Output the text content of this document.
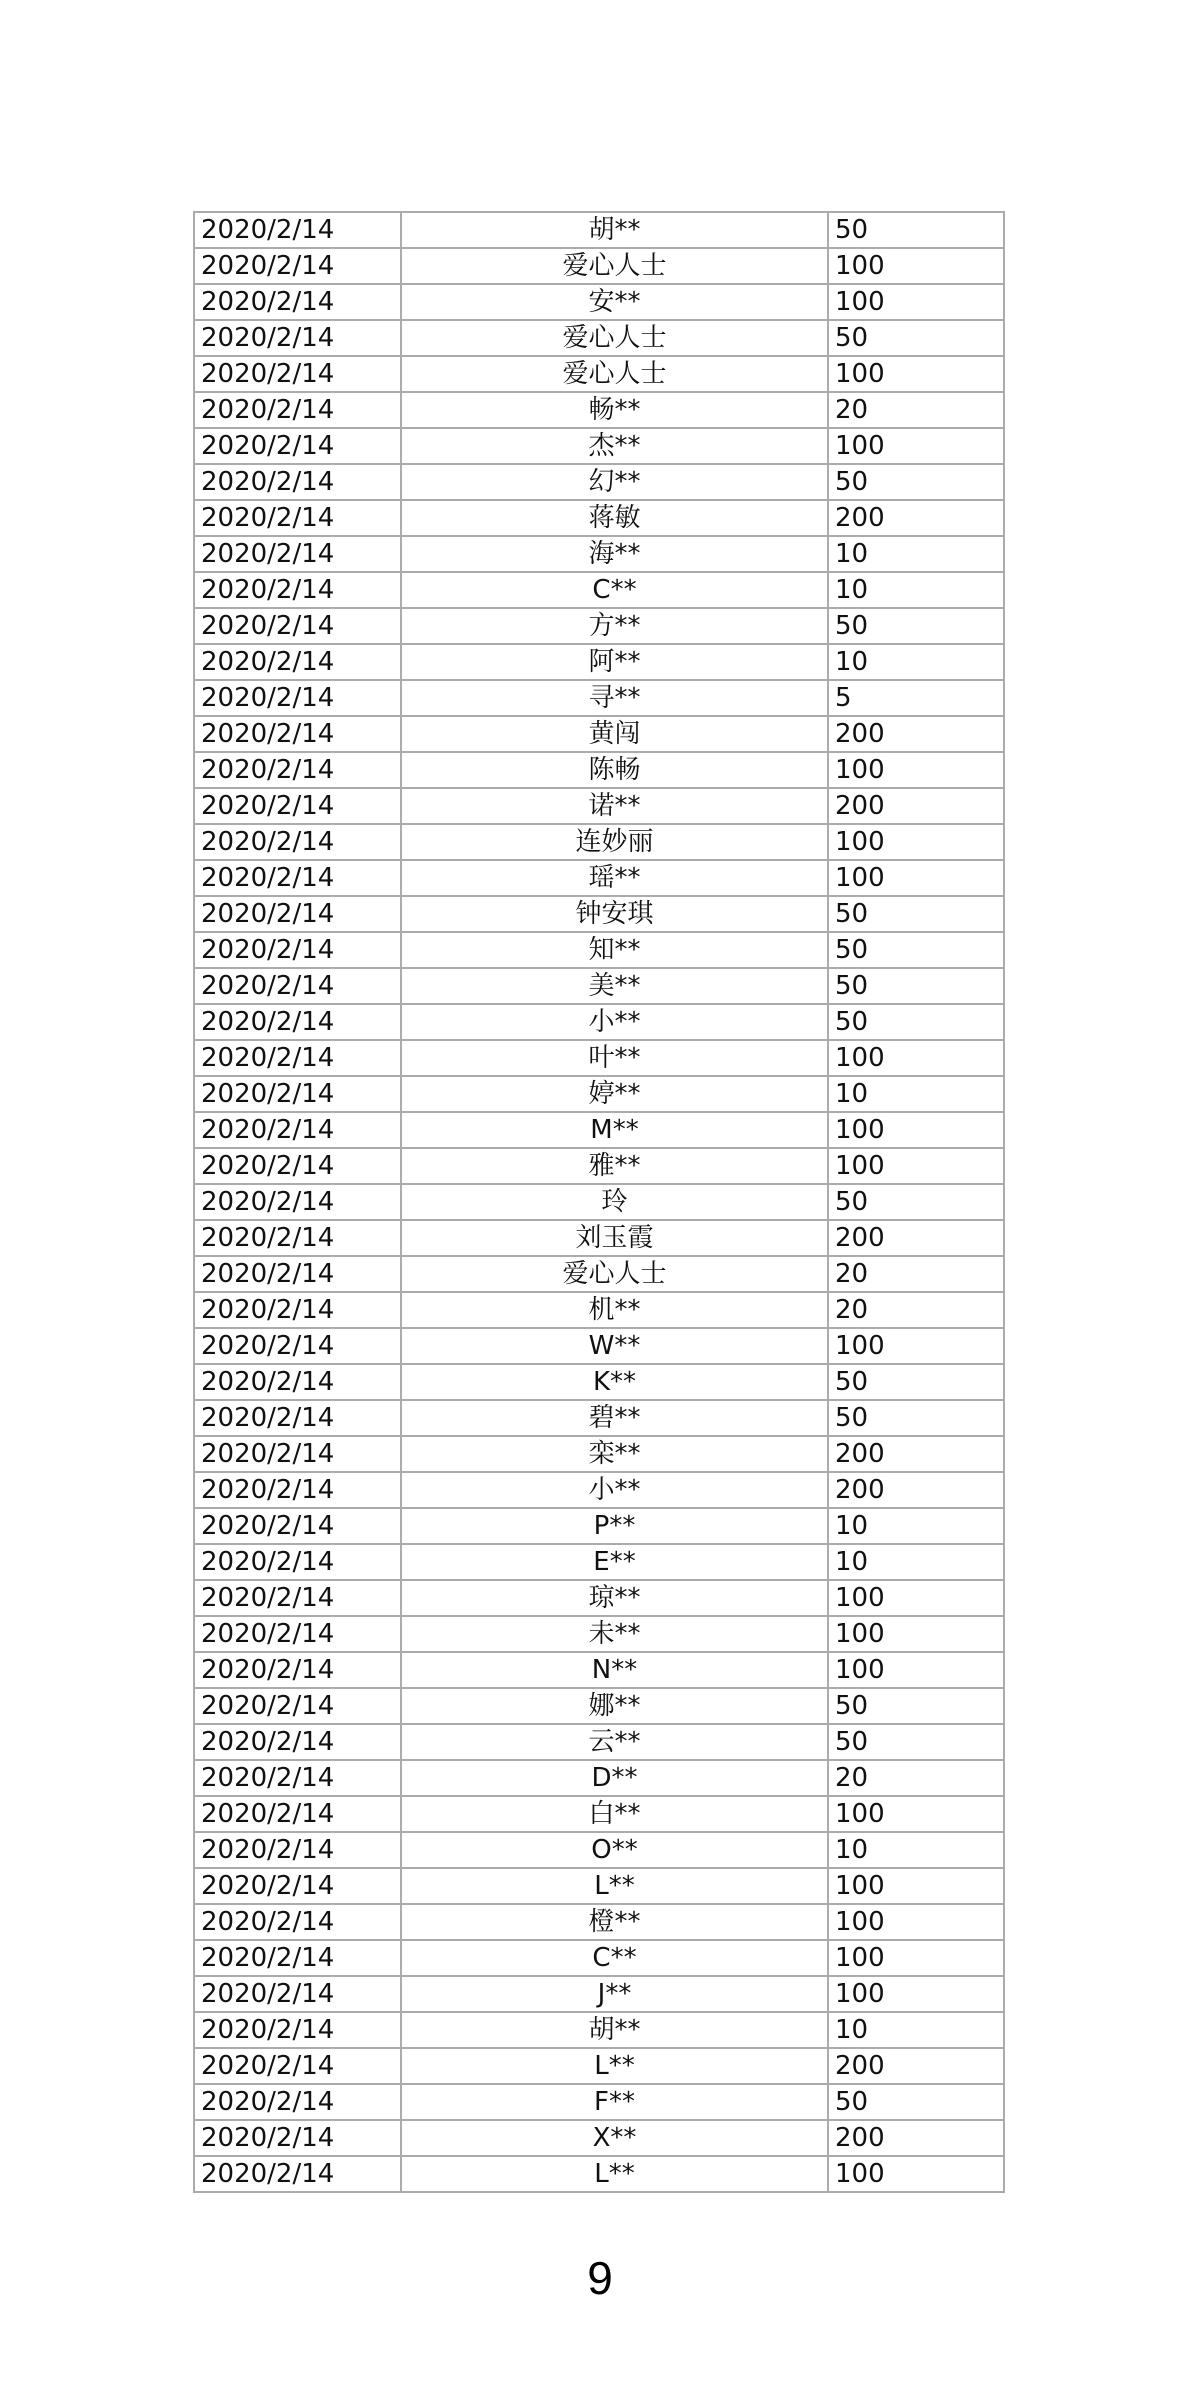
2020/2/14	胡**	50
2020/2/14	爱心人士	100
2020/2/14	安**	100
2020/2/14	爱心人士	50
2020/2/14	爱心人士	100
2020/2/14	畅**	20
2020/2/14	杰**	100
2020/2/14	幻**	50
2020/2/14	蒋敏	200
2020/2/14	海**	10
2020/2/14	C**	10
2020/2/14	方**	50
2020/2/14	阿**	10
2020/2/14	寻**	5
2020/2/14	黄闯	200
2020/2/14	陈畅	100
2020/2/14	诺**	200
2020/2/14	连妙丽	100
2020/2/14	瑶**	100
2020/2/14	钟安琪	50
2020/2/14	知**	50
2020/2/14	美**	50
2020/2/14	小**	50
2020/2/14	叶**	100
2020/2/14	婷**	10
2020/2/14	M**	100
2020/2/14	雅**	100
2020/2/14	玲	50
2020/2/14	刘玉霞	200
2020/2/14	爱心人士	20
2020/2/14	机**	20
2020/2/14	W**	100
2020/2/14	K**	50
2020/2/14	碧**	50
2020/2/14	栾**	200
2020/2/14	小**	200
2020/2/14	P**	10
2020/2/14	E**	10
2020/2/14	琼**	100
2020/2/14	未**	100
2020/2/14	N**	100
2020/2/14	娜**	50
2020/2/14	云**	50
2020/2/14	D**	20
2020/2/14	白**	100
2020/2/14	O**	10
2020/2/14	L**	100
2020/2/14	橙**	100
2020/2/14	C**	100
2020/2/14	J**	100
2020/2/14	胡**	10
2020/2/14	L**	200
2020/2/14	F**	50
2020/2/14	X**	200
2020/2/14	L**	100
9
